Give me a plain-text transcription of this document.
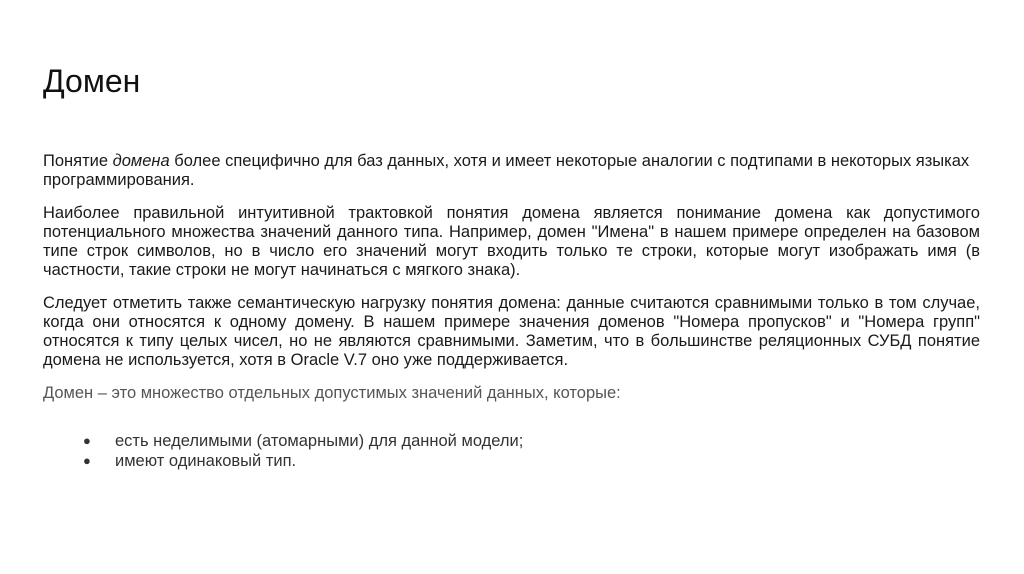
Домен

Понятие домена более специфично для баз данных, хотя и имеет некоторые аналогии с подтипами в некоторых языках программирования.

Наиболее правильной интуитивной трактовкой понятия домена является понимание домена как допустимого потенциального множества значений данного типа. Например, домен "Имена" в нашем примере определен на базовом типе строк символов, но в число его значений могут входить только те строки, которые могут изображать имя (в частности, такие строки не могут начинаться с мягкого знака).

Следует отметить также семантическую нагрузку понятия домена: данные считаются сравнимыми только в том случае, когда они относятся к одному домену. В нашем примере значения доменов "Номера пропусков" и "Номера групп" относятся к типу целых чисел, но не являются сравнимыми. Заметим, что в большинстве реляционных СУБД понятие домена не используется, хотя в Oracle V.7 оно уже поддерживается.

Домен – это множество отдельных допустимых значений данных, которые:

● есть неделимыми (атомарными) для данной модели;
● имеют одинаковый тип.
